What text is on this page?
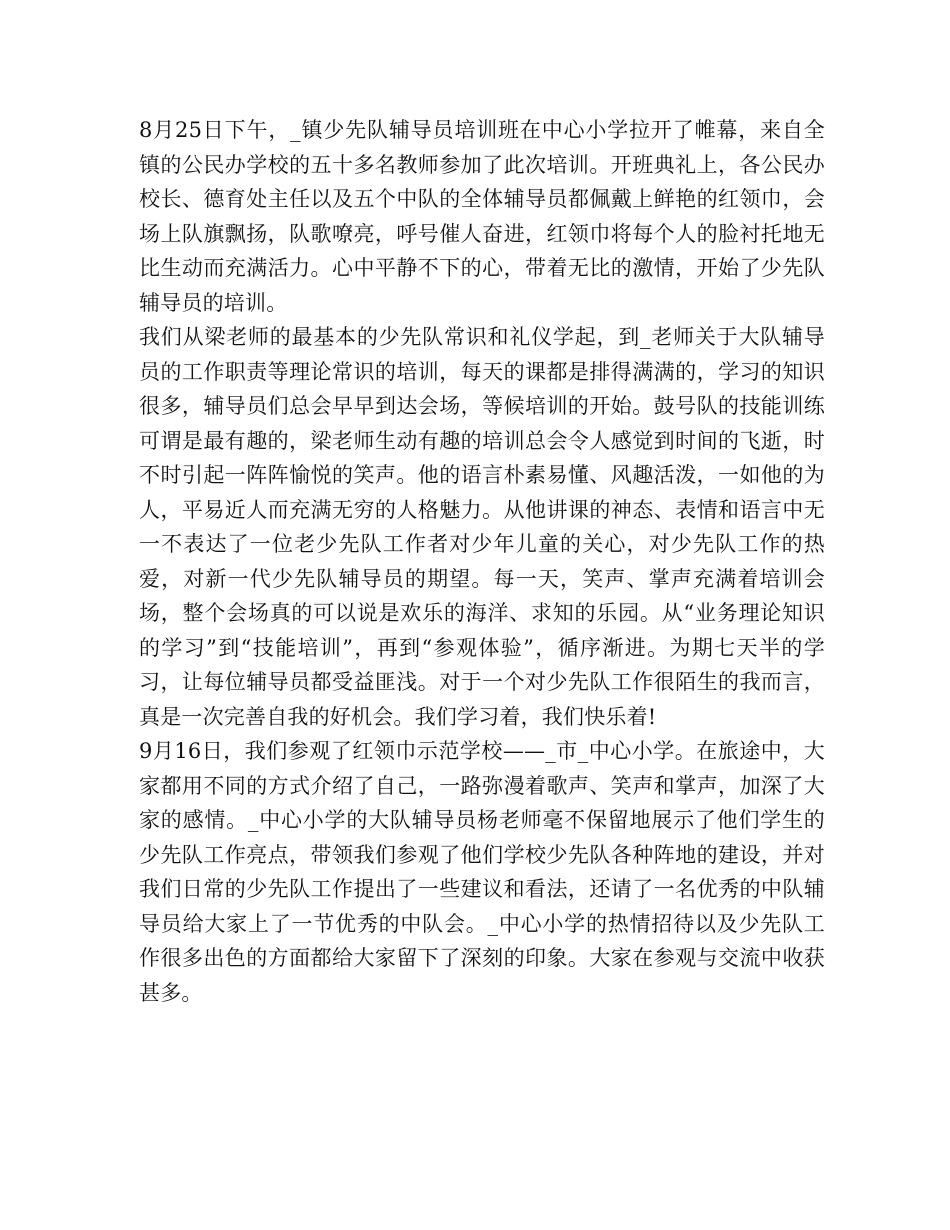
8月25日下午，_镇少先队辅导员培训班在中心小学拉开了帷幕，来自全镇的公民办学校的五十多名教师参加了此次培训。开班典礼上，各公民办校长、德育处主任以及五个中队的全体辅导员都佩戴上鲜艳的红领巾，会场上队旗飘扬，队歌嘹亮，呼号催人奋进，红领巾将每个人的脸衬托地无比生动而充满活力。心中平静不下的心，带着无比的激情，开始了少先队辅导员的培训。

我们从梁老师的最基本的少先队常识和礼仪学起，到_老师关于大队辅导员的工作职责等理论常识的培训，每天的课都是排得满满的，学习的知识很多，辅导员们总会早早到达会场，等候培训的开始。鼓号队的技能训练可谓是最有趣的，梁老师生动有趣的培训总会令人感觉到时间的飞逝，时不时引起一阵阵愉悦的笑声。他的语言朴素易懂、风趣活泼，一如他的为人，平易近人而充满无穷的人格魅力。从他讲课的神态、表情和语言中无一不表达了一位老少先队工作者对少年儿童的关心，对少先队工作的热爱，对新一代少先队辅导员的期望。每一天，笑声、掌声充满着培训会场，整个会场真的可以说是欢乐的海洋、求知的乐园。从“业务理论知识的学习”到“技能培训”，再到“参观体验”，循序渐进。为期七天半的学习，让每位辅导员都受益匪浅。对于一个对少先队工作很陌生的我而言，真是一次完善自我的好机会。我们学习着，我们快乐着!

9月16日，我们参观了红领巾示范学校——_市_中心小学。在旅途中，大家都用不同的方式介绍了自己，一路弥漫着歌声、笑声和掌声，加深了大家的感情。_中心小学的大队辅导员杨老师毫不保留地展示了他们学生的少先队工作亮点，带领我们参观了他们学校少先队各种阵地的建设，并对我们日常的少先队工作提出了一些建议和看法，还请了一名优秀的中队辅导员给大家上了一节优秀的中队会。_中心小学的热情招待以及少先队工作很多出色的方面都给大家留下了深刻的印象。大家在参观与交流中收获甚多。
